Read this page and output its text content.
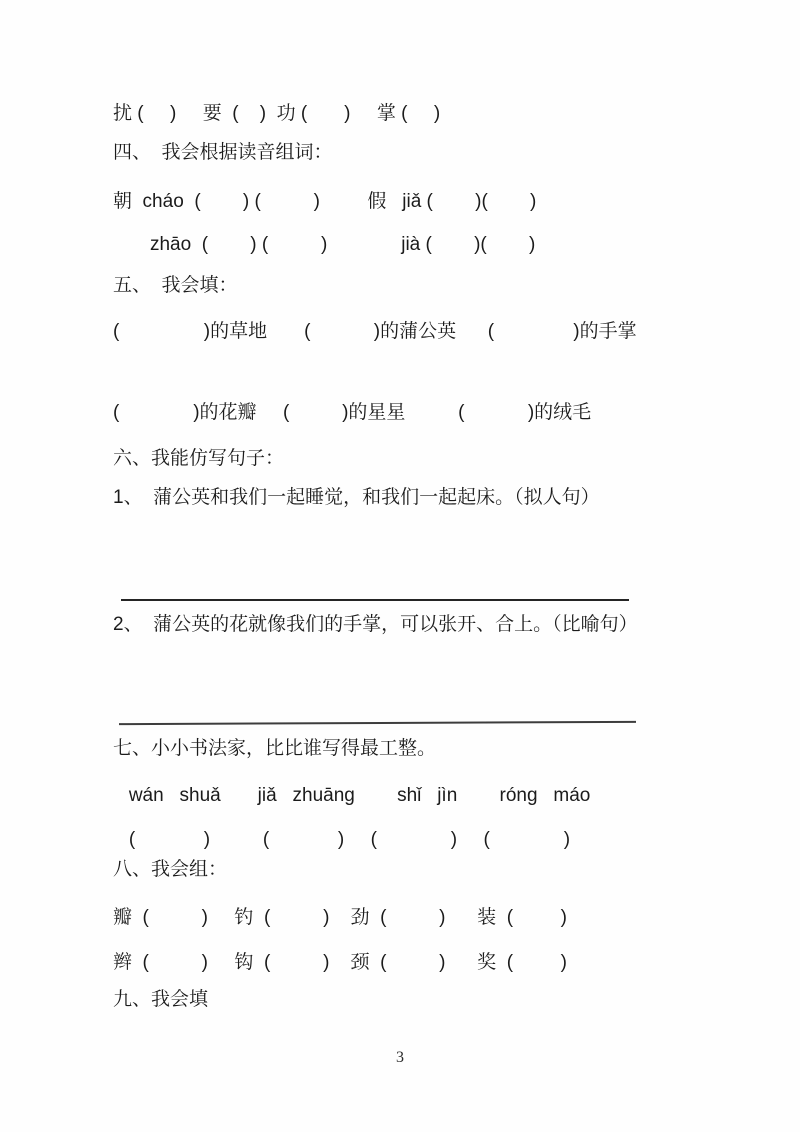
扰 (     )     要  (    )  功 (       )     掌 (     )
四、  我会根据读音组词：
朝  cháo  (        ) (          )         假   jiǎ (        )(        )
zhāo  (        ) (          )              jià (        )(        )
五、  我会填：
(                )的草地       (            )的蒲公英      (               )的手掌
(              )的花瓣     (          )的星星          (            )的绒毛
六、我能仿写句子：
1、  蒲公英和我们一起睡觉，和我们一起起床。（拟人句）
2、  蒲公英的花就像我们的手掌，可以张开、合上。（比喻句）
七、小小书法家，比比谁写得最工整。
wán   shuǎ       jiǎ   zhuāng        shǐ   jìn        róng   máo
(             )          (             )     (              )     (              )
八、我会组：
瓣  (          )     钓  (          )    劲  (          )      装  (         )
辫  (          )     钩  (          )    颈  (          )      奖  (         )
九、我会填
3
